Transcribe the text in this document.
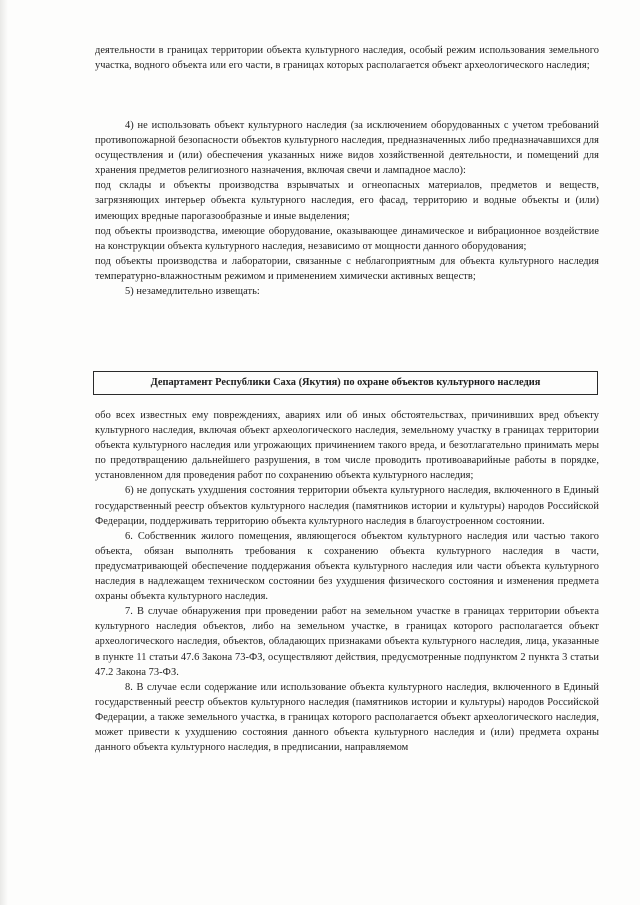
деятельности в границах территории объекта культурного наследия, особый режим использования земельного участка, водного объекта или его части, в границах которых располагается объект археологического наследия;

4) не использовать объект культурного наследия (за исключением оборудованных с учетом требований противопожарной безопасности объектов культурного наследия, предназначенных либо предназначавшихся для осуществления и (или) обеспечения указанных ниже видов хозяйственной деятельности, и помещений для хранения предметов религиозного назначения, включая свечи и лампадное масло):

под склады и объекты производства взрывчатых и огнеопасных материалов, предметов и веществ, загрязняющих интерьер объекта культурного наследия, его фасад, территорию и водные объекты и (или) имеющих вредные парогазообразные и иные выделения;

под объекты производства, имеющие оборудование, оказывающее динамическое и вибрационное воздействие на конструкции объекта культурного наследия, независимо от мощности данного оборудования;

под объекты производства и лаборатории, связанные с неблагоприятным для объекта культурного наследия температурно-влажностным режимом и применением химически активных веществ;

5) незамедлительно извещать:

Департамент Республики Саха (Якутия) по охране объектов культурного наследия

обо всех известных ему повреждениях, авариях или об иных обстоятельствах, причинивших вред объекту культурного наследия, включая объект археологического наследия, земельному участку в границах территории объекта культурного наследия или угрожающих причинением такого вреда, и безотлагательно принимать меры по предотвращению дальнейшего разрушения, в том числе проводить противоаварийные работы в порядке, установленном для проведения работ по сохранению объекта культурного наследия;

6) не допускать ухудшения состояния территории объекта культурного наследия, включенного в Единый государственный реестр объектов культурного наследия (памятников истории и культуры) народов Российской Федерации, поддерживать территорию объекта культурного наследия в благоустроенном состоянии.

6. Собственник жилого помещения, являющегося объектом культурного наследия или частью такого объекта, обязан выполнять требования к сохранению объекта культурного наследия в части, предусматривающей обеспечение поддержания объекта культурного наследия или части объекта культурного наследия в надлежащем техническом состоянии без ухудшения физического состояния и изменения предмета охраны объекта культурного наследия.

7. В случае обнаружения при проведении работ на земельном участке в границах территории объекта культурного наследия объектов, либо на земельном участке, в границах которого располагается объект археологического наследия, объектов, обладающих признаками объекта культурного наследия, лица, указанные в пункте 11 статьи 47.6 Закона 73-ФЗ, осуществляют действия, предусмотренные подпунктом 2 пункта 3 статьи 47.2 Закона 73-ФЗ.

8. В случае если содержание или использование объекта культурного наследия, включенного в Единый государственный реестр объектов культурного наследия (памятников истории и культуры) народов Российской Федерации, а также земельного участка, в границах которого располагается объект археологического наследия, может привести к ухудшению состояния данного объекта культурного наследия и (или) предмета охраны данного объекта культурного наследия, в предписании, направляемом
